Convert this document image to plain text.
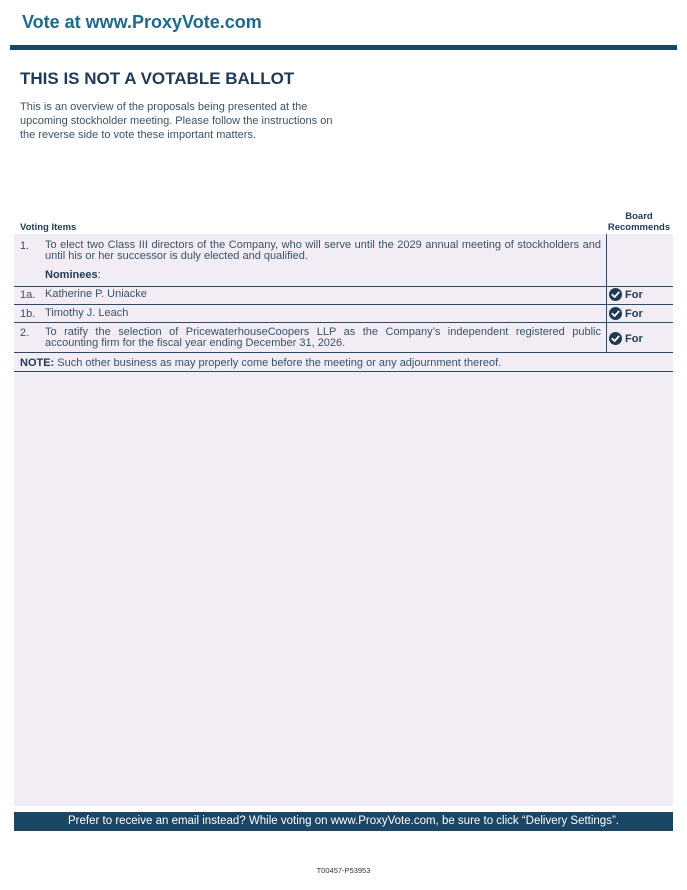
Vote at www.ProxyVote.com
THIS IS NOT A VOTABLE BALLOT
This is an overview of the proposals being presented at the upcoming stockholder meeting. Please follow the instructions on the reverse side to vote these important matters.
Board
Recommends
Voting Items
1. To elect two Class III directors of the Company, who will serve until the 2029 annual meeting of stockholders and until his or her successor is duly elected and qualified.
Nominees:
1a. Katherine P. Uniacke	For
1b. Timothy J. Leach	For
2. To ratify the selection of PricewaterhouseCoopers LLP as the Company’s independent registered public accounting firm for the fiscal year ending December 31, 2026.	For
NOTE: Such other business as may properly come before the meeting or any adjournment thereof.
Prefer to receive an email instead? While voting on www.ProxyVote.com, be sure to click “Delivery Settings”.
T00457-P53953
